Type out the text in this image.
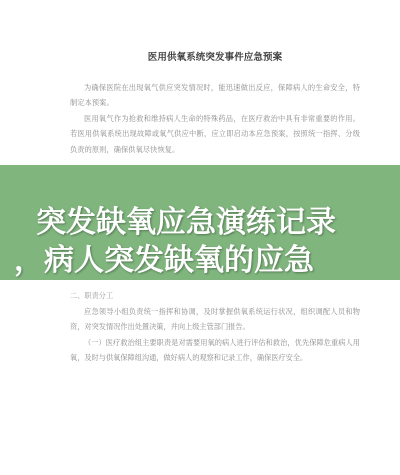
医用供氧系统突发事件应急预案

为确保医院在出现氧气供应突发情况时，能迅速做出反应，保障病人的生命安全，特制定本预案。

医用氧气作为抢救和维持病人生命的特殊药品，在医疗救治中具有非常重要的作用。若医用供氧系统出现故障或氧气供应中断，应立即启动本应急预案，按照统一指挥、分级负责的原则，确保供氧尽快恢复。

突发缺氧应急演练记录
，病人突发缺氧的应急

二、职责分工

应急领导小组负责统一指挥和协调，及时掌握供氧系统运行状况，组织调配人员和物资，对突发情况作出处置决策，并向上级主管部门报告。

（一）医疗救治组主要职责是对需要用氧的病人进行评估和救治，优先保障危重病人用氧，及时与供氧保障组沟通，做好病人的观察和记录工作，确保医疗安全。
